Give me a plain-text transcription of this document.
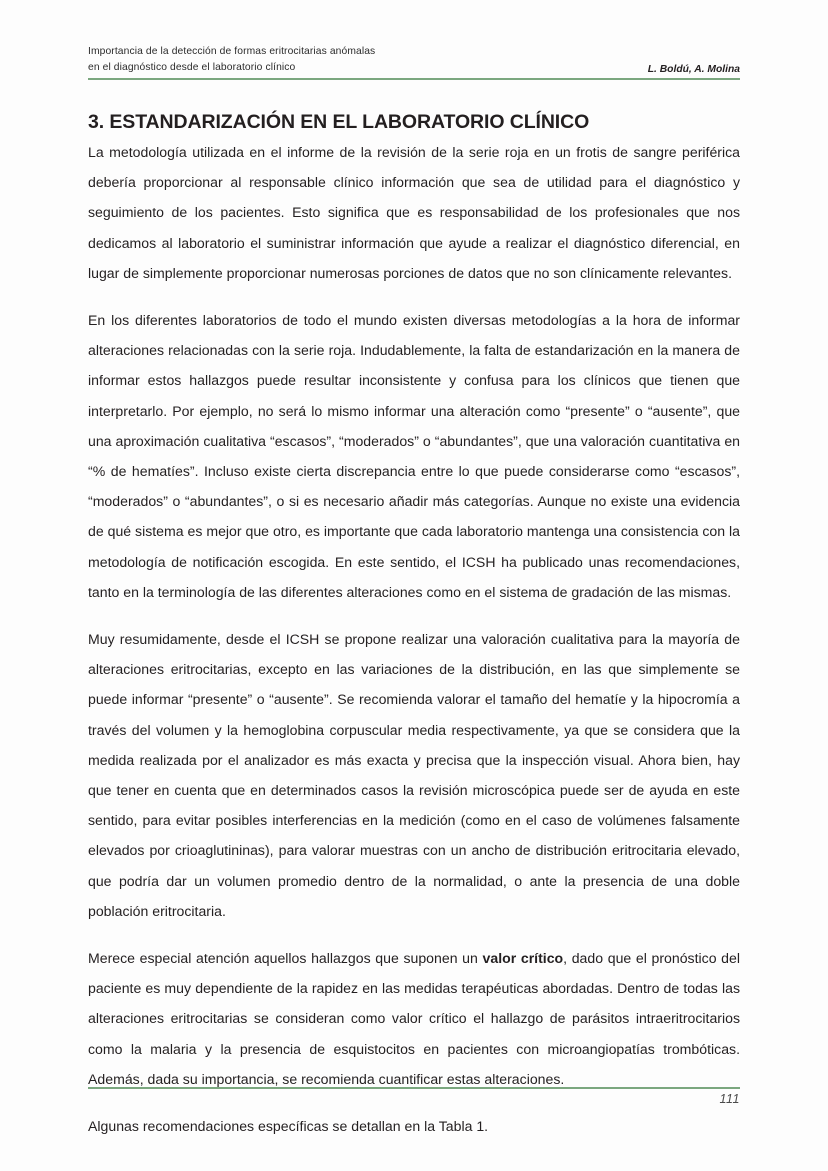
Importancia de la detección de formas eritrocitarias anómalas
en el diagnóstico desde el laboratorio clínico	L. Boldú, A. Molina
3. ESTANDARIZACIÓN EN EL LABORATORIO CLÍNICO

La metodología utilizada en el informe de la revisión de la serie roja en un frotis de sangre periférica debería proporcionar al responsable clínico información que sea de utilidad para el diagnóstico y seguimiento de los pacientes. Esto significa que es responsabilidad de los profesionales que nos dedicamos al laboratorio el suministrar información que ayude a realizar el diagnóstico diferencial, en lugar de simplemente proporcionar numerosas porciones de datos que no son clínicamente relevantes.

En los diferentes laboratorios de todo el mundo existen diversas metodologías a la hora de informar alteraciones relacionadas con la serie roja. Indudablemente, la falta de estandarización en la manera de informar estos hallazgos puede resultar inconsistente y confusa para los clínicos que tienen que interpretarlo. Por ejemplo, no será lo mismo informar una alteración como “presente” o “ausente”, que una aproximación cualitativa “escasos”, “moderados” o “abundantes”, que una valoración cuantitativa en “% de hematíes”. Incluso existe cierta discrepancia entre lo que puede considerarse como “escasos”, “moderados” o “abundantes”, o si es necesario añadir más categorías. Aunque no existe una evidencia de qué sistema es mejor que otro, es importante que cada laboratorio mantenga una consistencia con la metodología de notificación escogida. En este sentido, el ICSH ha publicado unas recomendaciones, tanto en la terminología de las diferentes alteraciones como en el sistema de gradación de las mismas.

Muy resumidamente, desde el ICSH se propone realizar una valoración cualitativa para la mayoría de alteraciones eritrocitarias, excepto en las variaciones de la distribución, en las que simplemente se puede informar “presente” o “ausente”. Se recomienda valorar el tamaño del hematíe y la hipocromía a través del volumen y la hemoglobina corpuscular media respectivamente, ya que se considera que la medida realizada por el analizador es más exacta y precisa que la inspección visual. Ahora bien, hay que tener en cuenta que en determinados casos la revisión microscópica puede ser de ayuda en este sentido, para evitar posibles interferencias en la medición (como en el caso de volúmenes falsamente elevados por crioaglutininas), para valorar muestras con un ancho de distribución eritrocitaria elevado, que podría dar un volumen promedio dentro de la normalidad, o ante la presencia de una doble población eritrocitaria.

Merece especial atención aquellos hallazgos que suponen un valor crítico, dado que el pronóstico del paciente es muy dependiente de la rapidez en las medidas terapéuticas abordadas. Dentro de todas las alteraciones eritrocitarias se consideran como valor crítico el hallazgo de parásitos intraeritrocitarios como la malaria y la presencia de esquistocitos en pacientes con microangiopatías trombóticas. Además, dada su importancia, se recomienda cuantificar estas alteraciones.

Algunas recomendaciones específicas se detallan en la Tabla 1.

111
